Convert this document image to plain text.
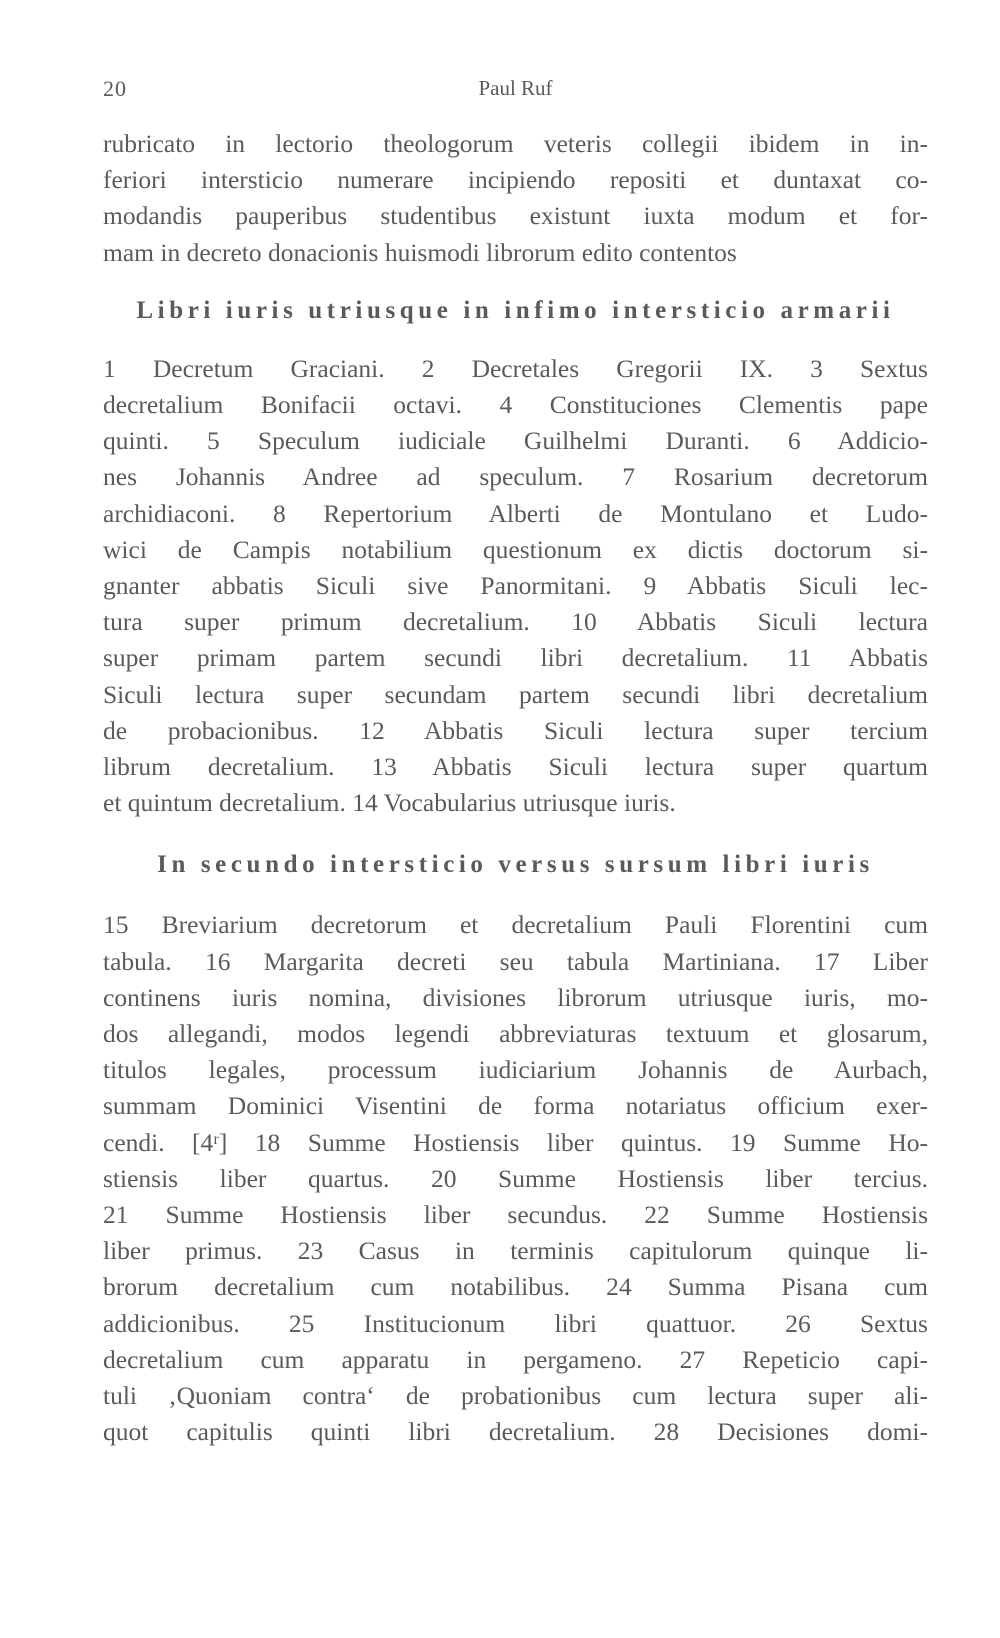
20	Paul Ruf

rubricato in lectorio theologorum veteris collegii ibidem in in-
feriori intersticio numerare incipiendo repositi et duntaxat co-
modandis pauperibus studentibus existunt iuxta modum et for-
mam in decreto donacionis huismodi librorum edito contentos

Libri iuris utriusque in infimo intersticio armarii

1 Decretum Graciani. 2 Decretales Gregorii IX. 3 Sextus
decretalium Bonifacii octavi. 4 Constituciones Clementis pape
quinti. 5 Speculum iudiciale Guilhelmi Duranti. 6 Addicio-
nes Johannis Andree ad speculum. 7 Rosarium decretorum
archidiaconi. 8 Repertorium Alberti de Montulano et Ludo-
wici de Campis notabilium questionum ex dictis doctorum si-
gnanter abbatis Siculi sive Panormitani. 9 Abbatis Siculi lec-
tura super primum decretalium. 10 Abbatis Siculi lectura
super primam partem secundi libri decretalium. 11 Abbatis
Siculi lectura super secundam partem secundi libri decretalium
de probacionibus. 12 Abbatis Siculi lectura super tercium
librum decretalium. 13 Abbatis Siculi lectura super quartum
et quintum decretalium. 14 Vocabularius utriusque iuris.

In secundo intersticio versus sursum libri iuris

15 Breviarium decretorum et decretalium Pauli Florentini cum
tabula. 16 Margarita decreti seu tabula Martiniana. 17 Liber
continens iuris nomina, divisiones librorum utriusque iuris, mo-
dos allegandi, modos legendi abbreviaturas textuum et glosarum,
titulos legales, processum iudiciarium Johannis de Aurbach,
summam Dominici Visentini de forma notariatus officium exer-
cendi. [4ʳ] 18 Summe Hostiensis liber quintus. 19 Summe Ho-
stiensis liber quartus. 20 Summe Hostiensis liber tercius.
21 Summe Hostiensis liber secundus. 22 Summe Hostiensis
liber primus. 23 Casus in terminis capitulorum quinque li-
brorum decretalium cum notabilibus. 24 Summa Pisana cum
addicionibus. 25 Institucionum libri quattuor. 26 Sextus
decretalium cum apparatu in pergameno. 27 Repeticio capi-
tuli ‚Quoniam contra‘ de probationibus cum lectura super ali-
quot capitulis quinti libri decretalium. 28 Decisiones domi-
